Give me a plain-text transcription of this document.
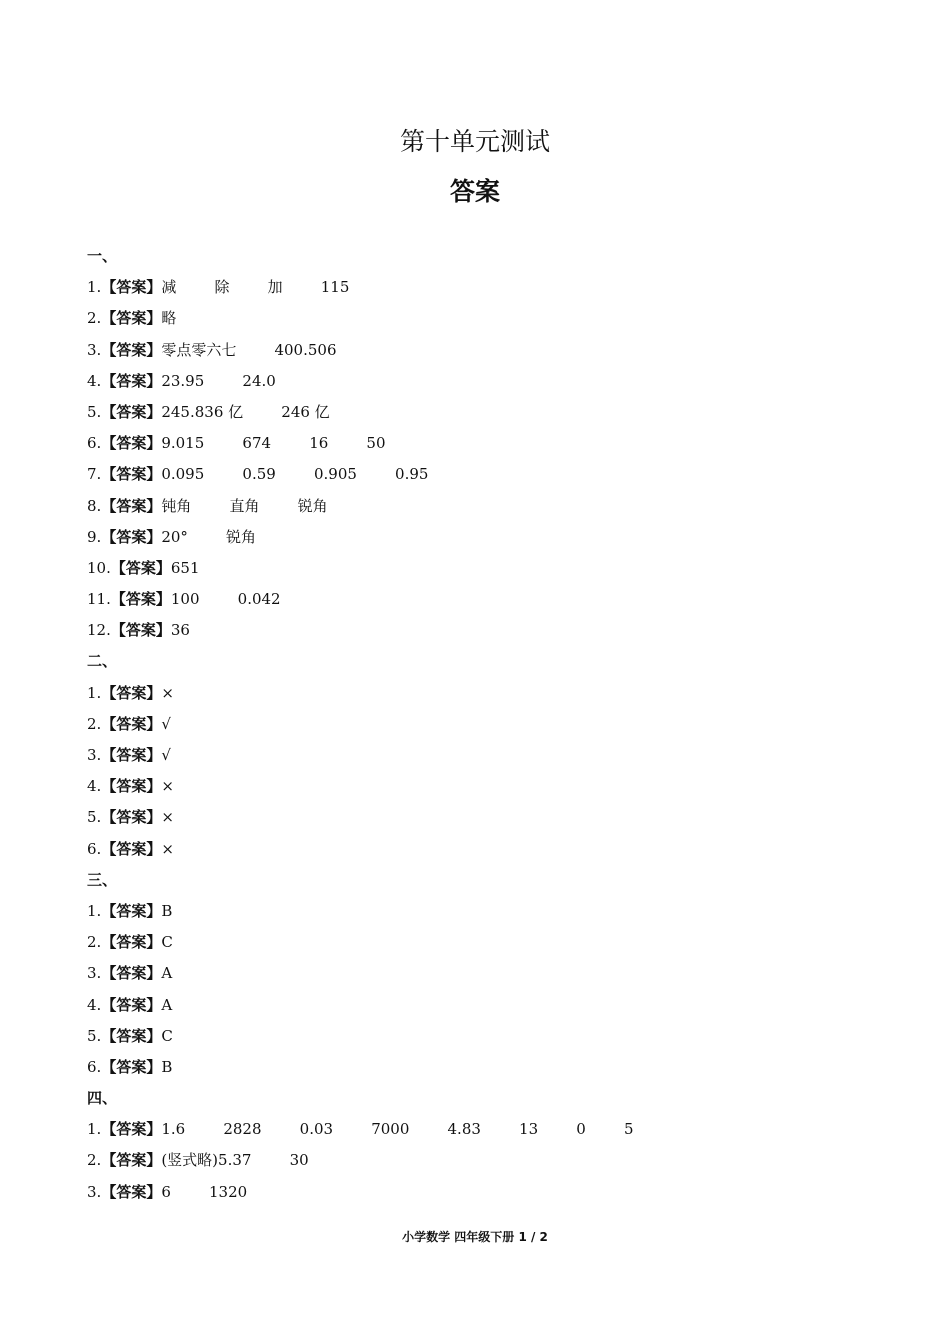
第十单元测试
答案
一、
1.【答案】减        除        加        115
2.【答案】略
3.【答案】零点零六七        400.506
4.【答案】23.95        24.0
5.【答案】245.836 亿        246 亿
6.【答案】9.015        674        16        50
7.【答案】0.095        0.59        0.905        0.95
8.【答案】钝角        直角        锐角
9.【答案】20°        锐角
10.【答案】651
11.【答案】100        0.042
12.【答案】36
二、
1.【答案】×
2.【答案】√
3.【答案】√
4.【答案】×
5.【答案】×
6.【答案】×
三、
1.【答案】B
2.【答案】C
3.【答案】A
4.【答案】A
5.【答案】C
6.【答案】B
四、
1.【答案】1.6        2828        0.03        7000        4.83        13        0        5
2.【答案】(竖式略)5.37        30
3.【答案】6        1320
小学数学 四年级下册 1 / 2
